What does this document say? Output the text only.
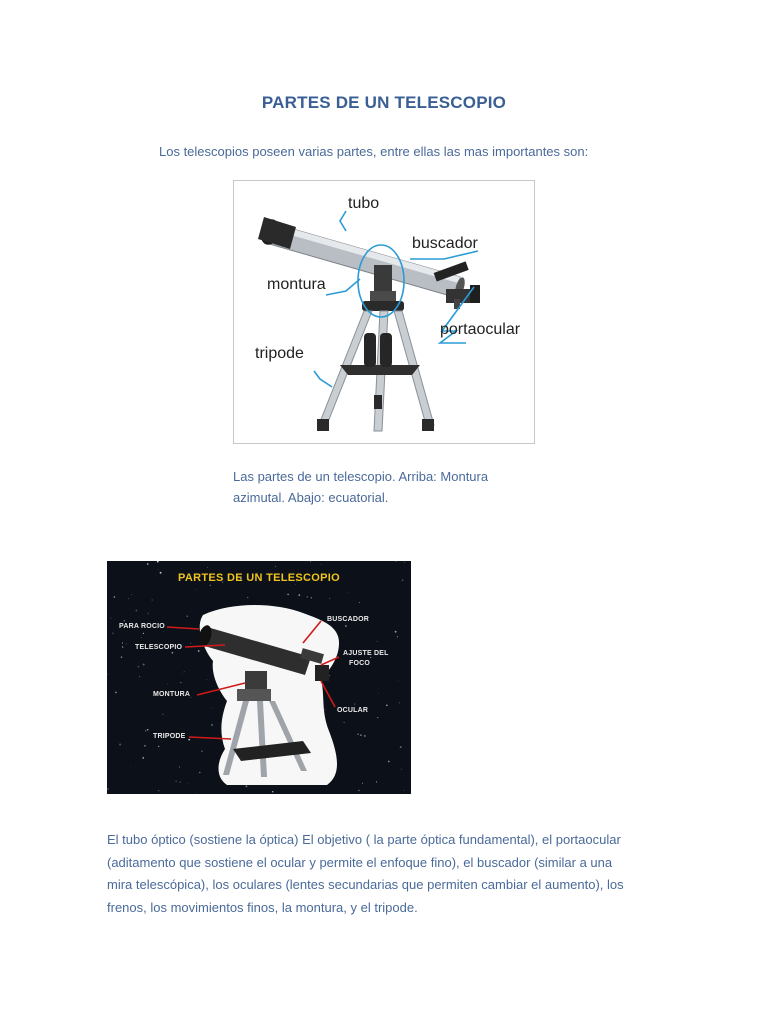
PARTES DE UN TELESCOPIO
Los telescopios poseen varias partes, entre ellas las mas importantes son:
tubo
buscador
montura
portaocular
tripode
Las partes de un telescopio. Arriba: Montura
azimutal. Abajo: ecuatorial.
PARTES DE UN TELESCOPIO
PARA ROCIO
TELESCOPIO
MONTURA
TRIPODE
BUSCADOR
AJUSTE DEL
FOCO
OCULAR
El tubo óptico (sostiene la óptica) El objetivo ( la parte óptica fundamental), el portaocular
(aditamento que sostiene el ocular y permite el enfoque fino), el buscador (similar a una
mira telescópica), los oculares (lentes secundarias que permiten cambiar el aumento), los
frenos, los movimientos finos, la montura, y el tripode.
